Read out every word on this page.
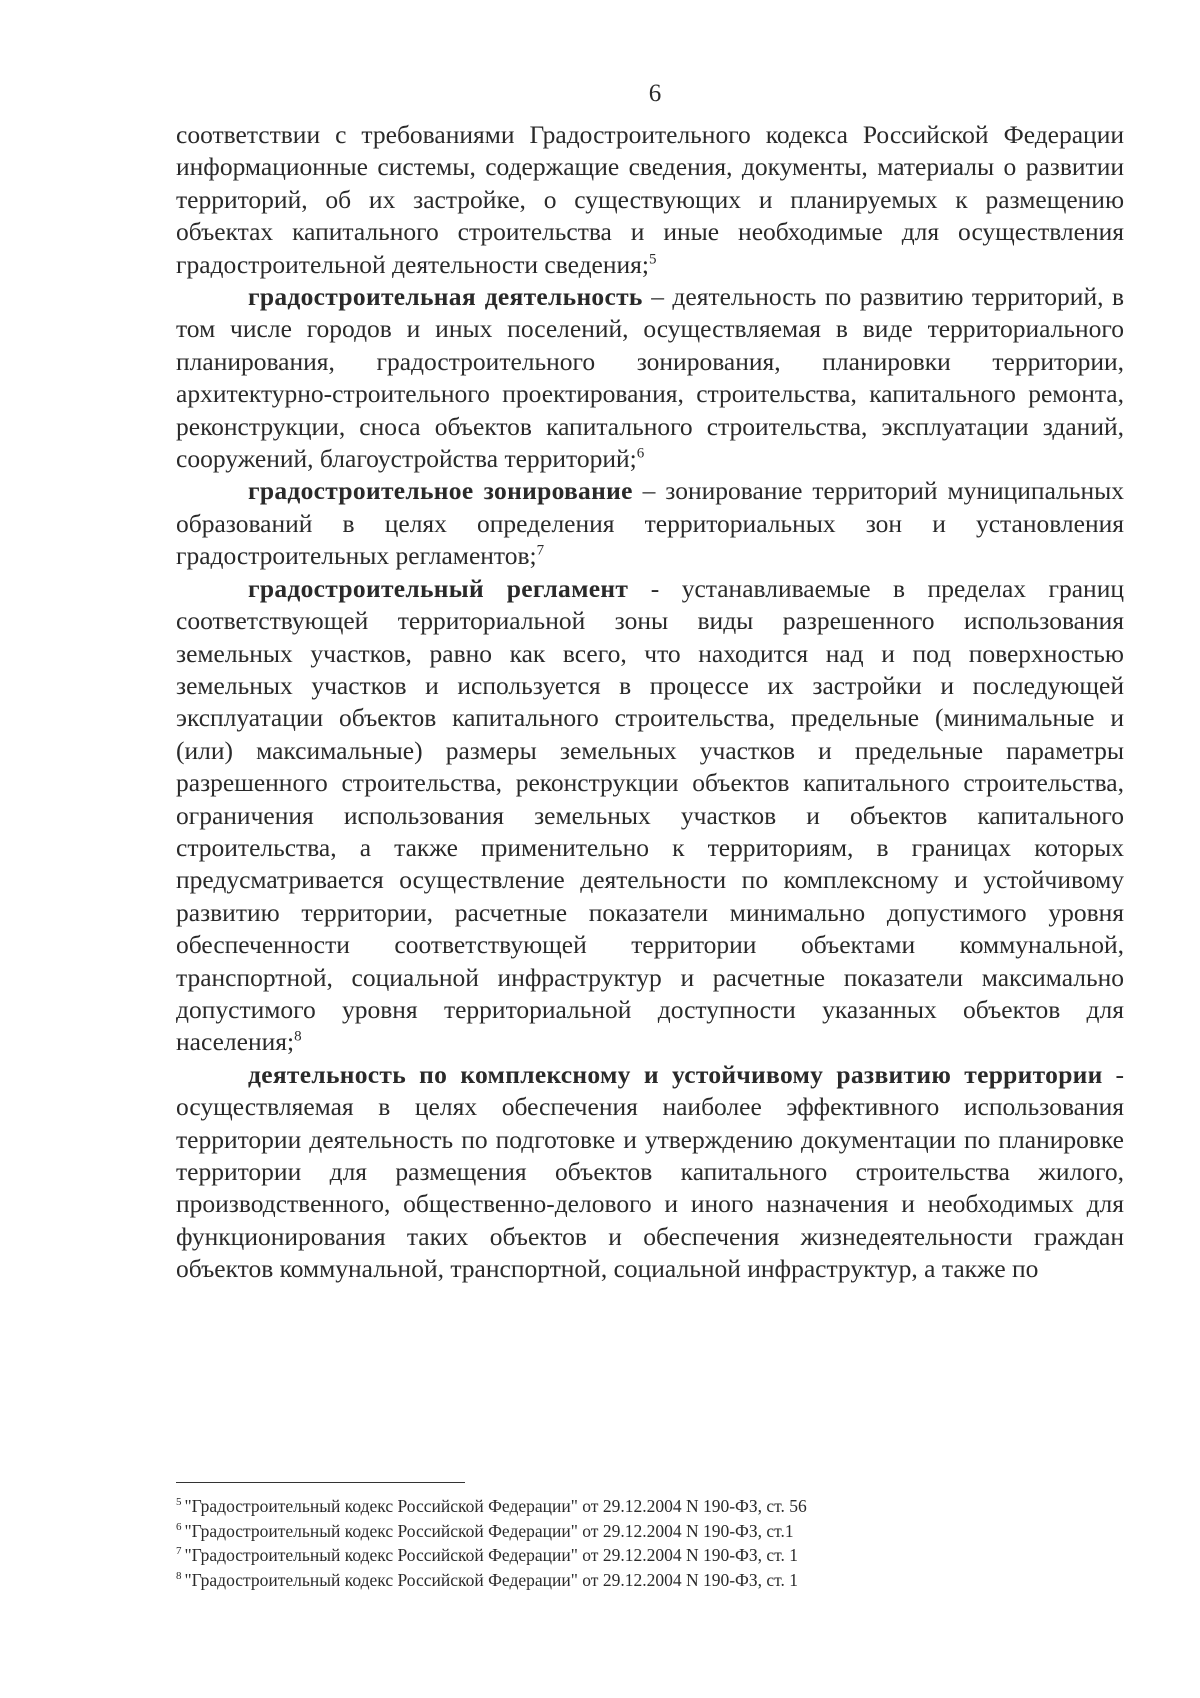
6

соответствии с требованиями Градостроительного кодекса Российской Федерации информационные системы, содержащие сведения, документы, материалы о развитии территорий, об их застройке, о существующих и планируемых к размещению объектах капитального строительства и иные необходимые для осуществления градостроительной деятельности сведения;$^5$

градостроительная деятельность – деятельность по развитию территорий, в том числе городов и иных поселений, осуществляемая в виде территориального планирования, градостроительного зонирования, планировки территории, архитектурно-строительного проектирования, строительства, капитального ремонта, реконструкции, сноса объектов капитального строительства, эксплуатации зданий, сооружений, благоустройства территорий;$^6$

градостроительное зонирование – зонирование территорий муниципальных образований в целях определения территориальных зон и установления градостроительных регламентов;$^7$

градостроительный регламент - устанавливаемые в пределах границ соответствующей территориальной зоны виды разрешенного использования земельных участков, равно как всего, что находится над и под поверхностью земельных участков и используется в процессе их застройки и последующей эксплуатации объектов капитального строительства, предельные (минимальные и (или) максимальные) размеры земельных участков и предельные параметры разрешенного строительства, реконструкции объектов капитального строительства, ограничения использования земельных участков и объектов капитального строительства, а также применительно к территориям, в границах которых предусматривается осуществление деятельности по комплексному и устойчивому развитию территории, расчетные показатели минимально допустимого уровня обеспеченности соответствующей территории объектами коммунальной, транспортной, социальной инфраструктур и расчетные показатели максимально допустимого уровня территориальной доступности указанных объектов для населения;$^8$

деятельность по комплексному и устойчивому развитию территории - осуществляемая в целях обеспечения наиболее эффективного использования территории деятельность по подготовке и утверждению документации по планировке территории для размещения объектов капитального строительства жилого, производственного, общественно-делового и иного назначения и необходимых для функционирования таких объектов и обеспечения жизнедеятельности граждан объектов коммунальной, транспортной, социальной инфраструктур, а также по

$^5$ "Градостроительный кодекс Российской Федерации" от 29.12.2004 N 190-ФЗ, ст. 56
$^6$ "Градостроительный кодекс Российской Федерации" от 29.12.2004 N 190-ФЗ, ст.1
$^7$ "Градостроительный кодекс Российской Федерации" от 29.12.2004 N 190-ФЗ, ст. 1
$^8$ "Градостроительный кодекс Российской Федерации" от 29.12.2004 N 190-ФЗ, ст. 1
